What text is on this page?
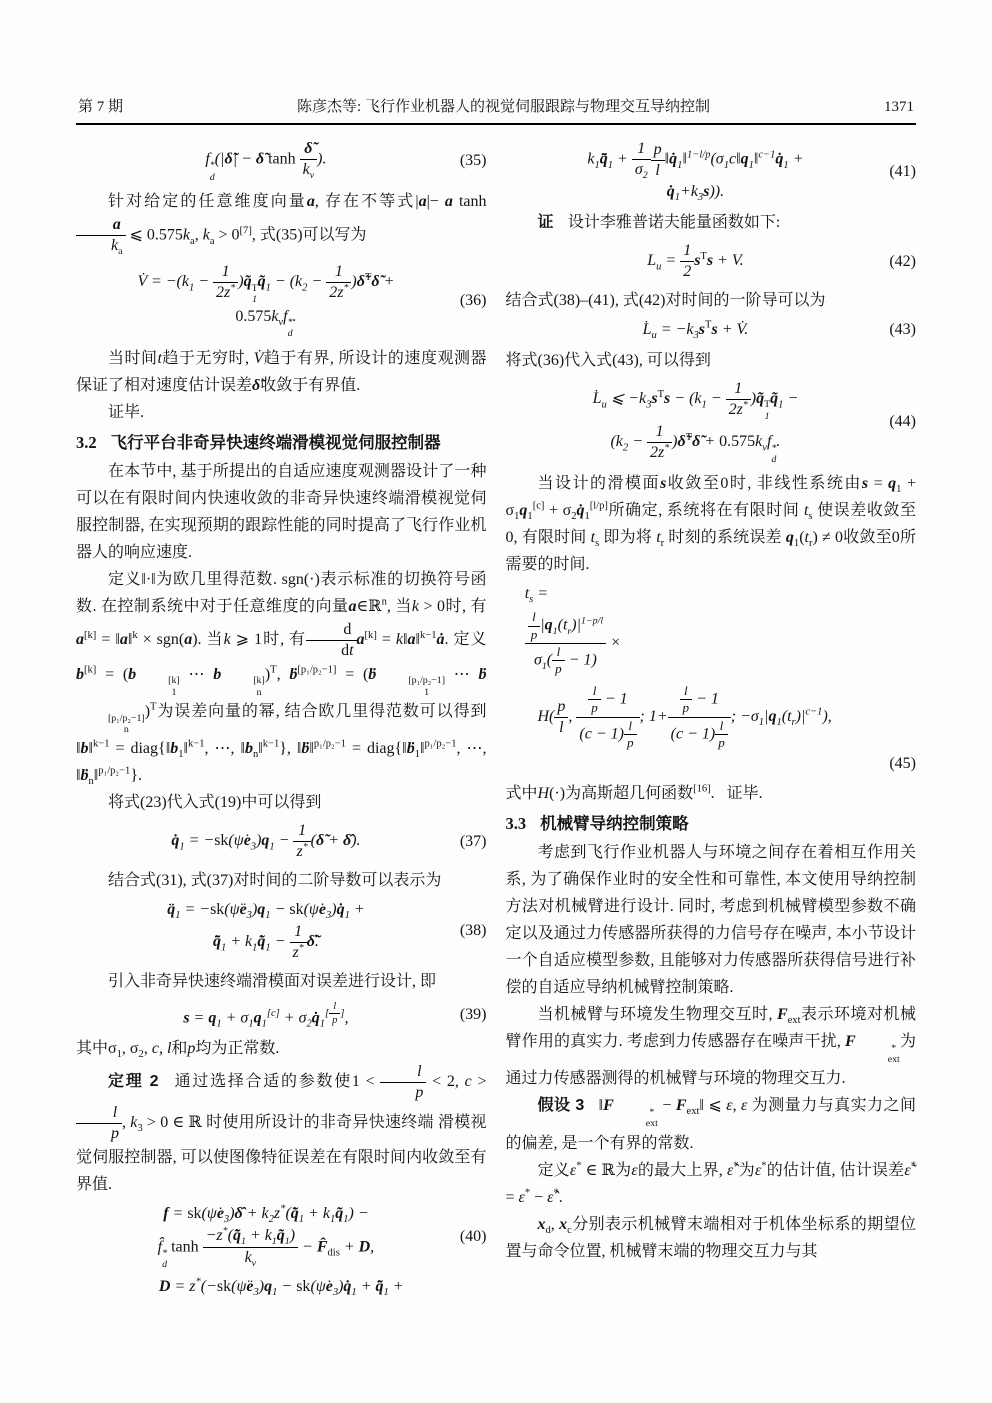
第 7 期	陈彦杰等: 飞行作业机器人的视觉伺服跟踪与物理交互导纳控制	1371
f *
d
(|δ̃| − δ̃ $\tanh \frac{\deltã}{k_v}$ ).	(35)

针对给定的任意维度向量a, 存在不等式|a|− a tanh
$\frac{a}{k_a}$ ⩽ $0.575k_a$, $k_a > 0[7]$, 式(35)可以写为

V̇ = $-(k_1 - \frac{1}{2z^*}$ )q̃ T
1
$q̃_1 - (k_2 - \frac{1}{2z^*}$ )δ̃$^T$δ̃ +
$0.575k_vf$ *
d
.
(36)

当时间t趋于无穷时, V̇趋于有界, 所设计的速度观测器保证了相对速度估计误差δ̃收敛于有界值.

证毕.

3.2 飞行平台非奇异快速终端滑模视觉伺服控制器

在本节中, 基于所提出的自适应速度观测器设计了一种可以在有限时间内快速收敛的非奇异快速终端滑模视觉伺服控制器, 在实现预期的跟踪性能的同时提高了飞行作业机器人的响应速度.

定义‖·‖为欧几里得范数. sgn(·)表示标准的切换符号函数. 在控制系统中对于任意维度的向量a∈ℝ$^n$, 当k > 0时, 有a[k] = ‖a‖$^k$ × sgn(a). 当k ⩾ 1时, 有 $\frac{d}{dt} a[k]$ = k‖a‖$^{k-1}$ȧ. 定义b[k] = (b	[k]
1
⋯ b	[k]
n
)$^T$, ḃ[p₁/p₂−1] = (ḃ	[p₁/p₂−1]
1
⋯ ḃ
[p₁/p₂−1]
n
)$^T$为误差向量的幂, 结合欧几里得范数可以得到‖b‖$^{k-1}$ = $diag\{‖b_1‖^{k-1}$, ⋯, $‖b_n‖^{k-1}$}, ‖ḃ‖$^{p_1/p_2-1}$ = diag{‖ḃ$_1$‖$^{p_1/p_2-1}$, ⋯, ‖ḃ$_n$‖$^{p_1/p_2-1}$}.

将式(23)代入式(19)中可以得到

$q̇_1$ = $-sk(\psi̇e_3)q_1 - \frac{1}{z^*}$ (δ̃ + δ̂).	(37)

结合式(31), 式(37)对时间的二阶导数可以表示为

$q̈_1$ = $-sk(\psïe_3)q_1$ − $sk(\psi̇e_3)q̇_1$ +
$q̃̈_1$ + $k_1q̃̇_1 - \frac{1}{z^*}$ δ̃̇.
(38)

引入非奇异快速终端滑模面对误差进行设计, 即

$s = q_1 + \sigma_1q_1[c]$ + $\sigma_2q̇_1[ l p ]$,	(39)

其中$\sigma_1$, $\sigma_2$, c, l和p均为正常数.

定理 2 通过选择合适的参数使$1 < \frac{l}{p} < 2$, c >
$\frac{l}{p}$ , $k_3 > 0$ ∈ ℝ 时使用所设计的非奇异快速终端 滑模视觉伺服控制器, 可以使图像特征误差在有限时间内收敛至有界值.

$f = sk(\psi̇e_3)\deltâ$ + $k_2z^*(q̃̇_1$ + $k_1q̃_1$) −
f̂ *
d
$\tanh \frac{-z^*(q̃̇_1 + k_1q̃_1)}{k_v}$ − $F̂_{dis} + D$,
(40)
$D = z^*(-sk(\psïe_3)q_1$ − $sk(\psi̇e_3)q̇_1$ + $q̃̈_1$ +
$k_1q̃̈_1 + \frac{1}{\sigma_2} \frac{p}{l}$ $‖q̇_1‖^{1-l/p}(\sigma_1c‖q_1‖^{c-1}q̇_1$ +
$q̇_1+k_3s$)).
(41)

证 设计李雅普诺夫能量函数如下:

$L_u = \frac{1}{2} s^Ts + V$.	(42)

结合式(38)–(41), 式(42)对时间的一阶导可以为

$L̇_u = -k_3s^Ts$ + V̇.	(43)

将式(36)代入式(43), 可以得到

$L̇_u$ ⩽ $-k_3s^Ts - (k_1 - \frac{1}{2z^*}$ )q̃ T
1
$q̃_1$ −
($k_2 - \frac{1}{2z^*}$ )δ̃$^T$δ̃ + $0.575k_vf$ *
d
.
(44)

当设计的滑模面s收敛至0时, 非线性系统由$s = q_1 + \sigma_1q_1[c]$ + $\sigma_2q̇_1[l/p]$所确定, 系统将在有限时间 $t_s$ 使误差收敛至 0, 有限时间 $t_s$ 即为将 $t_r$ 时刻的系统误差 $q_1(t_r) \ne 0$收敛至0所需要的时间.

$t_s$ =
$\frac{\frac{l}{p} |q_1(t_r)|^{1-p/l}}{\sigma_1( \frac{l}{p} - 1)}$ ×
$H( \frac{p}{l}$ , $\frac{\frac{l}{p} - 1}{(c - 1) \frac{l}{p}}$ ; $1+ \frac{\frac{l}{p} - 1}{(c - 1) \frac{l}{p}}$ ; $-\sigma_1|q_1(t_r)|^{c-1}$),
(45)

式中H(·)为高斯超几何函数[16].   证毕.

3.3 机械臂导纳控制策略

考虑到飞行作业机器人与环境之间存在着相互作用关系, 为了确保作业时的安全性和可靠性, 本文使用导纳控制方法对机械臂进行设计. 同时, 考虑到机械臂模型参数不确定以及通过力传感器所获得的力信号存在噪声, 本小节设计一个自适应模型参数, 且能够对力传感器所获得信号进行补偿的自适应导纳机械臂控制策略.

当机械臂与环境发生物理交互时, $F_{ext}$表示环境对机械臂作用的真实力. 考虑到力传感器存在噪声干扰, F	*
ext
为通过力传感器测得的机械臂与环境的物理交互力.

假设 3 ‖F	*
ext
− $F_{ext}‖$ ⩽ ε, ε 为测量力与真实力之间的偏差, 是一个有界的常数.

定义ε* ∈ ℝ为ε的最大上界, ε̂*为ε*的估计值, 估计误差ε̃* = ε* − ε̂*.

$x_d$, $x_c$分别表示机械臂末端相对于机体坐标系的期望位置与命令位置, 机械臂末端的物理交互力与其
